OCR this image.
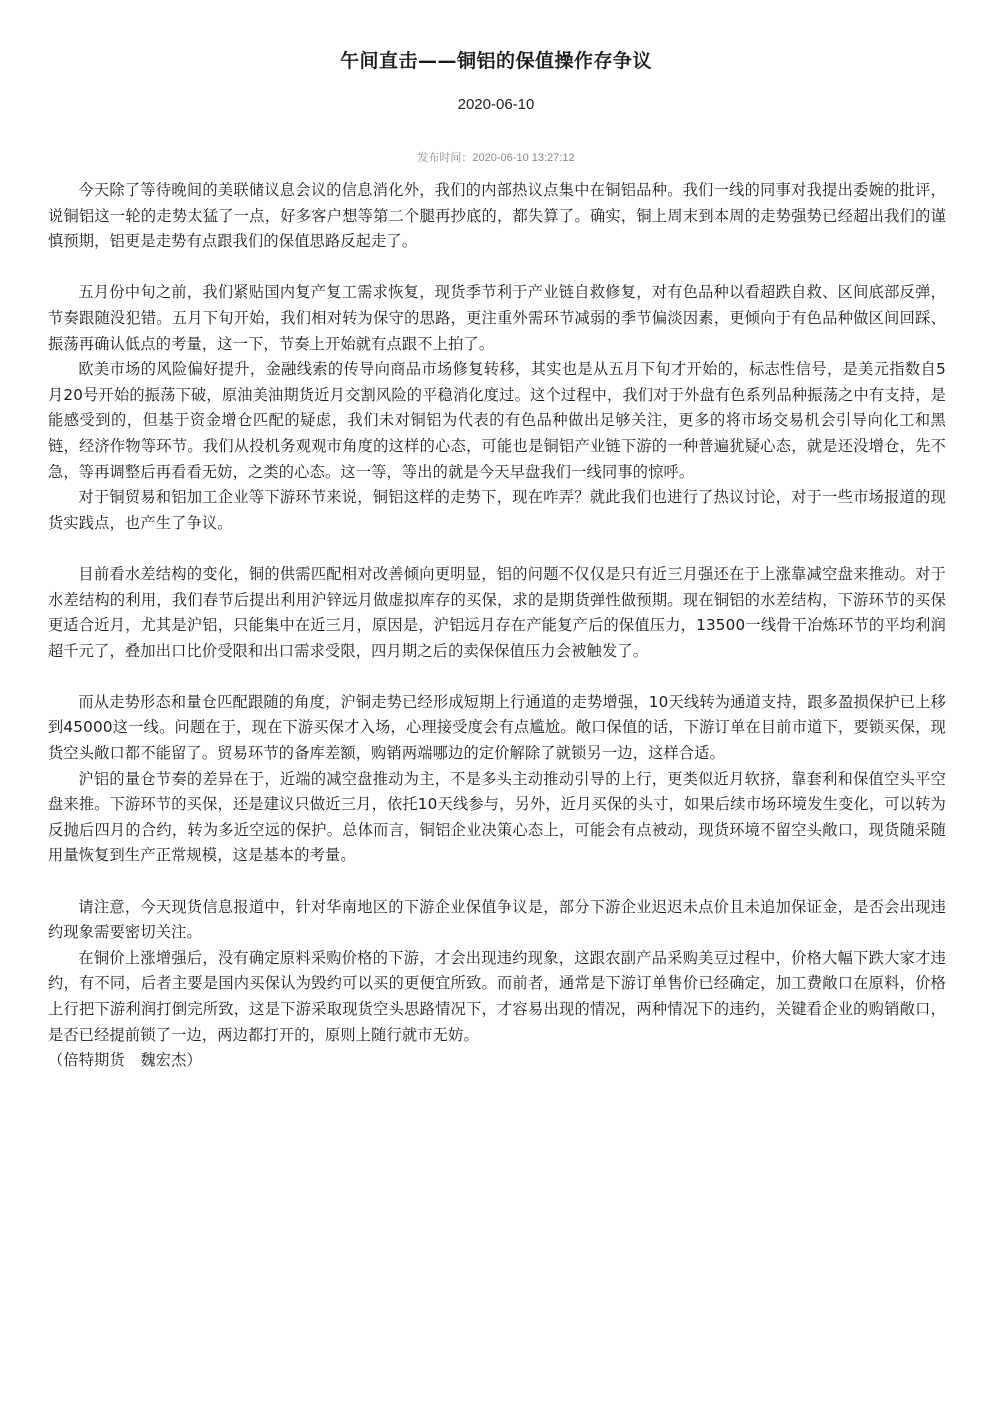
午间直击——铜铝的保值操作存争议
2020-06-10
发布时间：2020-06-10 13:27:12

今天除了等待晚间的美联储议息会议的信息消化外，我们的内部热议点集中在铜铝品种。我们一线的同事对我提出委婉的批评，说铜铝这一轮的走势太猛了一点，好多客户想等第二个腿再抄底的，都失算了。确实，铜上周末到本周的走势强势已经超出我们的谨慎预期，铝更是走势有点跟我们的保值思路反起走了。

五月份中旬之前，我们紧贴国内复产复工需求恢复，现货季节利于产业链自救修复，对有色品种以看超跌自救、区间底部反弹，节奏跟随没犯错。五月下旬开始，我们相对转为保守的思路，更注重外需环节减弱的季节偏淡因素，更倾向于有色品种做区间回踩、振荡再确认低点的考量，这一下，节奏上开始就有点跟不上拍了。

欧美市场的风险偏好提升，金融线索的传导向商品市场修复转移，其实也是从五月下旬才开始的，标志性信号，是美元指数自5月20号开始的振荡下破，原油美油期货近月交割风险的平稳消化度过。这个过程中，我们对于外盘有色系列品种振荡之中有支持，是能感受到的，但基于资金增仓匹配的疑虑，我们未对铜铝为代表的有色品种做出足够关注，更多的将市场交易机会引导向化工和黑链，经济作物等环节。我们从投机务观观市角度的这样的心态，可能也是铜铝产业链下游的一种普遍犹疑心态，就是还没增仓，先不急，等再调整后再看看无妨，之类的心态。这一等，等出的就是今天早盘我们一线同事的惊呼。

对于铜贸易和铝加工企业等下游环节来说，铜铝这样的走势下，现在咋弄？就此我们也进行了热议讨论，对于一些市场报道的现货实践点，也产生了争议。

目前看水差结构的变化，铜的供需匹配相对改善倾向更明显，铝的问题不仅仅是只有近三月强还在于上涨靠减空盘来推动。对于水差结构的利用，我们春节后提出利用沪锌远月做虚拟库存的买保，求的是期货弹性做预期。现在铜铝的水差结构，下游环节的买保更适合近月，尤其是沪铝，只能集中在近三月，原因是，沪铝远月存在产能复产后的保值压力，13500一线骨干冶炼环节的平均利润超千元了，叠加出口比价受限和出口需求受限，四月期之后的卖保保值压力会被触发了。

而从走势形态和量仓匹配跟随的角度，沪铜走势已经形成短期上行通道的走势增强，10天线转为通道支持，跟多盈损保护已上移到45000这一线。问题在于，现在下游买保才入场，心理接受度会有点尴尬。敞口保值的话，下游订单在目前市道下，要锁买保，现货空头敞口都不能留了。贸易环节的备库差额，购销两端哪边的定价解除了就锁另一边，这样合适。

沪铝的量仓节奏的差异在于，近端的减空盘推动为主，不是多头主动推动引导的上行，更类似近月软挤，靠套利和保值空头平空盘来推。下游环节的买保，还是建议只做近三月，依托10天线参与，另外，近月买保的头寸，如果后续市场环境发生变化，可以转为反抛后四月的合约，转为多近空远的保护。总体而言，铜铝企业决策心态上，可能会有点被动，现货环境不留空头敞口，现货随采随用量恢复到生产正常规模，这是基本的考量。

请注意，今天现货信息报道中，针对华南地区的下游企业保值争议是，部分下游企业迟迟未点价且未追加保证金，是否会出现违约现象需要密切关注。

在铜价上涨增强后，没有确定原料采购价格的下游，才会出现违约现象，这跟农副产品采购美豆过程中，价格大幅下跌大家才违约，有不同，后者主要是国内买保认为毁约可以买的更便宜所致。而前者，通常是下游订单售价已经确定，加工费敞口在原料，价格上行把下游利润打倒完所致，这是下游采取现货空头思路情况下，才容易出现的情况，两种情况下的违约，关键看企业的购销敞口，是否已经提前锁了一边，两边都打开的，原则上随行就市无妨。

（倍特期货　魏宏杰）
